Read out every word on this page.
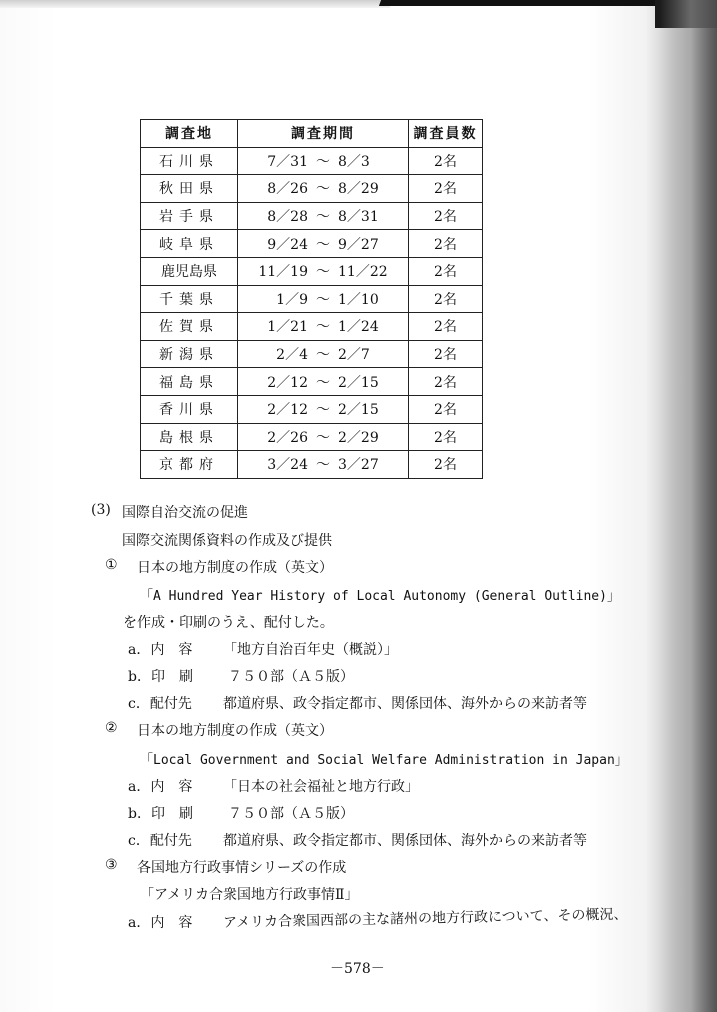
調査地	調査期間	調査員数
石川県	7／31 ～ 8／3	2名
秋田県	8／26 ～ 8／29	2名
岩手県	8／28 ～ 8／31	2名
岐阜県	9／24 ～ 9／27	2名
鹿児島県	11／19 ～ 11／22	2名
千葉県	1／9 ～ 1／10	2名
佐賀県	1／21 ～ 1／24	2名
新潟県	2／4 ～ 2／7	2名
福島県	2／12 ～ 2／15	2名
香川県	2／12 ～ 2／15	2名
島根県	2／26 ～ 2／29	2名
京都府	3／24 ～ 3／27	2名
(3) 国際自治交流の促進
国際交流関係資料の作成及び提供
① 日本の地方制度の作成（英文）
「A Hundred Year History of Local Autonomy (General Outline)」
を作成・印刷のうえ、配付した。
a．内　容 「地方自治百年史（概説）」
b．印　刷	７５０部（Ａ５版）
c．配付先 都道府県、政令指定都市、関係団体、海外からの来訪者等
② 日本の地方制度の作成（英文）
「Local Government and Social Welfare Administration in Japan」
a．内　容 「日本の社会福祉と地方行政」
b．印　刷	７５０部（Ａ５版）
c．配付先 都道府県、政令指定都市、関係団体、海外からの来訪者等
③ 各国地方行政事情シリーズの作成
「アメリカ合衆国地方行政事情Ⅱ」
a．内　容 アメリカ合衆国西部の主な諸州の地方行政について、その概況、
－578－
